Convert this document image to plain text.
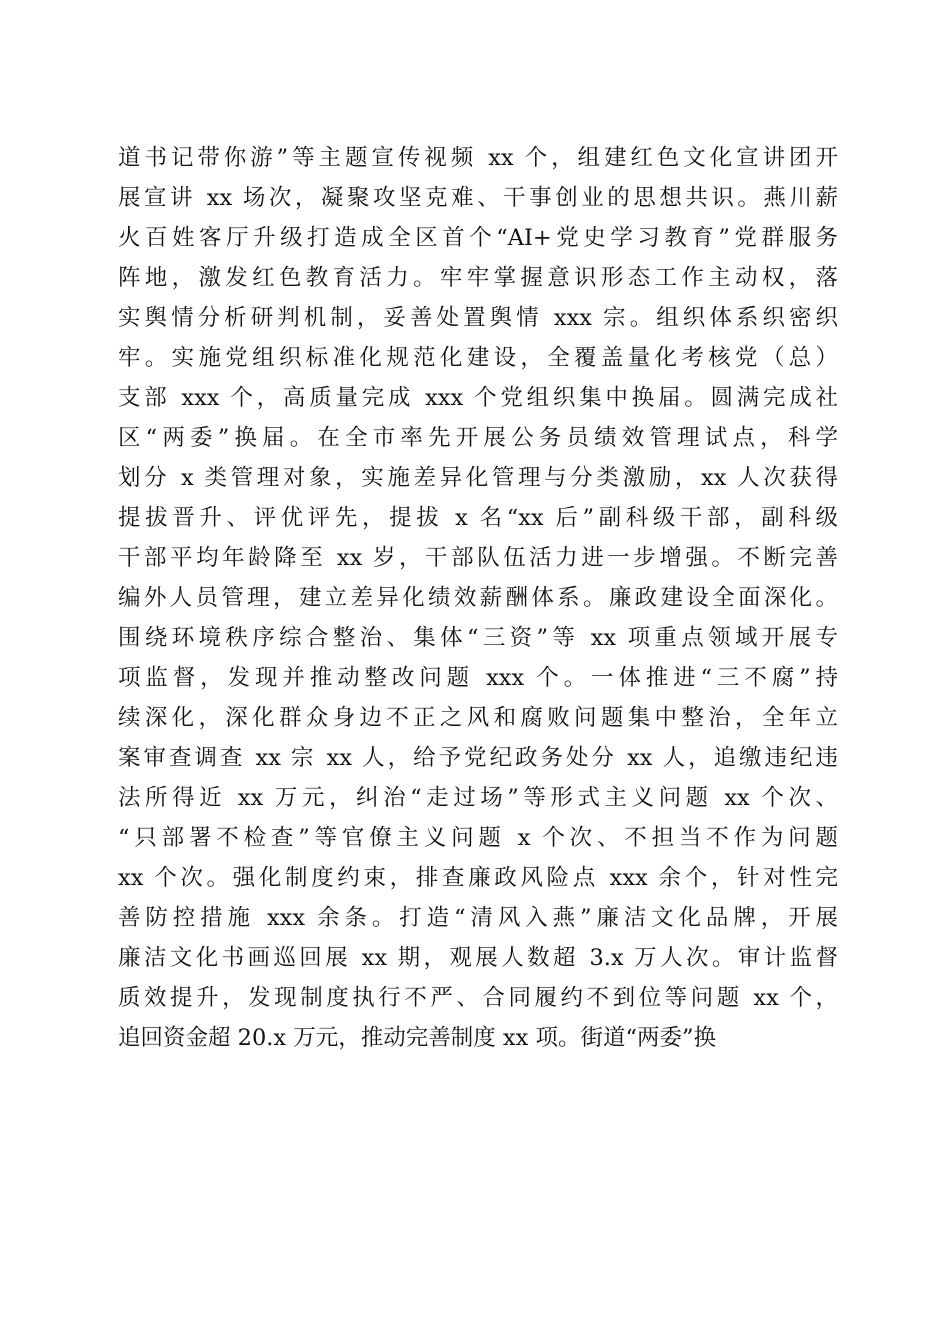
道书记带你游”等主题宣传视频 xx 个，组建红色文化宣讲团开
展宣讲 xx 场次，凝聚攻坚克难、干事创业的思想共识。燕川薪
火百姓客厅升级打造成全区首个“AI+党史学习教育”党群服务
阵地，激发红色教育活力。牢牢掌握意识形态工作主动权，落
实舆情分析研判机制，妥善处置舆情 xxx 宗。组织体系织密织
牢。实施党组织标准化规范化建设，全覆盖量化考核党（总）
支部 xxx 个，高质量完成 xxx 个党组织集中换届。圆满完成社
区“两委”换届。在全市率先开展公务员绩效管理试点，科学
划分 x 类管理对象，实施差异化管理与分类激励，xx 人次获得
提拔晋升、评优评先，提拔 x 名“xx 后”副科级干部，副科级
干部平均年龄降至 xx 岁，干部队伍活力进一步增强。不断完善
编外人员管理，建立差异化绩效薪酬体系。廉政建设全面深化。
围绕环境秩序综合整治、集体“三资”等 xx 项重点领域开展专
项监督，发现并推动整改问题 xxx 个。一体推进“三不腐”持
续深化，深化群众身边不正之风和腐败问题集中整治，全年立
案审查调查 xx 宗 xx 人，给予党纪政务处分 xx 人，追缴违纪违
法所得近 xx 万元，纠治“走过场”等形式主义问题 xx 个次、
“只部署不检查”等官僚主义问题 x 个次、不担当不作为问题
xx 个次。强化制度约束，排查廉政风险点 xxx 余个，针对性完
善防控措施 xxx 余条。打造“清风入燕”廉洁文化品牌，开展
廉洁文化书画巡回展 xx 期，观展人数超 3.x 万人次。审计监督
质效提升，发现制度执行不严、合同履约不到位等问题 xx 个，
追回资金超 20.x 万元，推动完善制度 xx 项。街道“两委”换
